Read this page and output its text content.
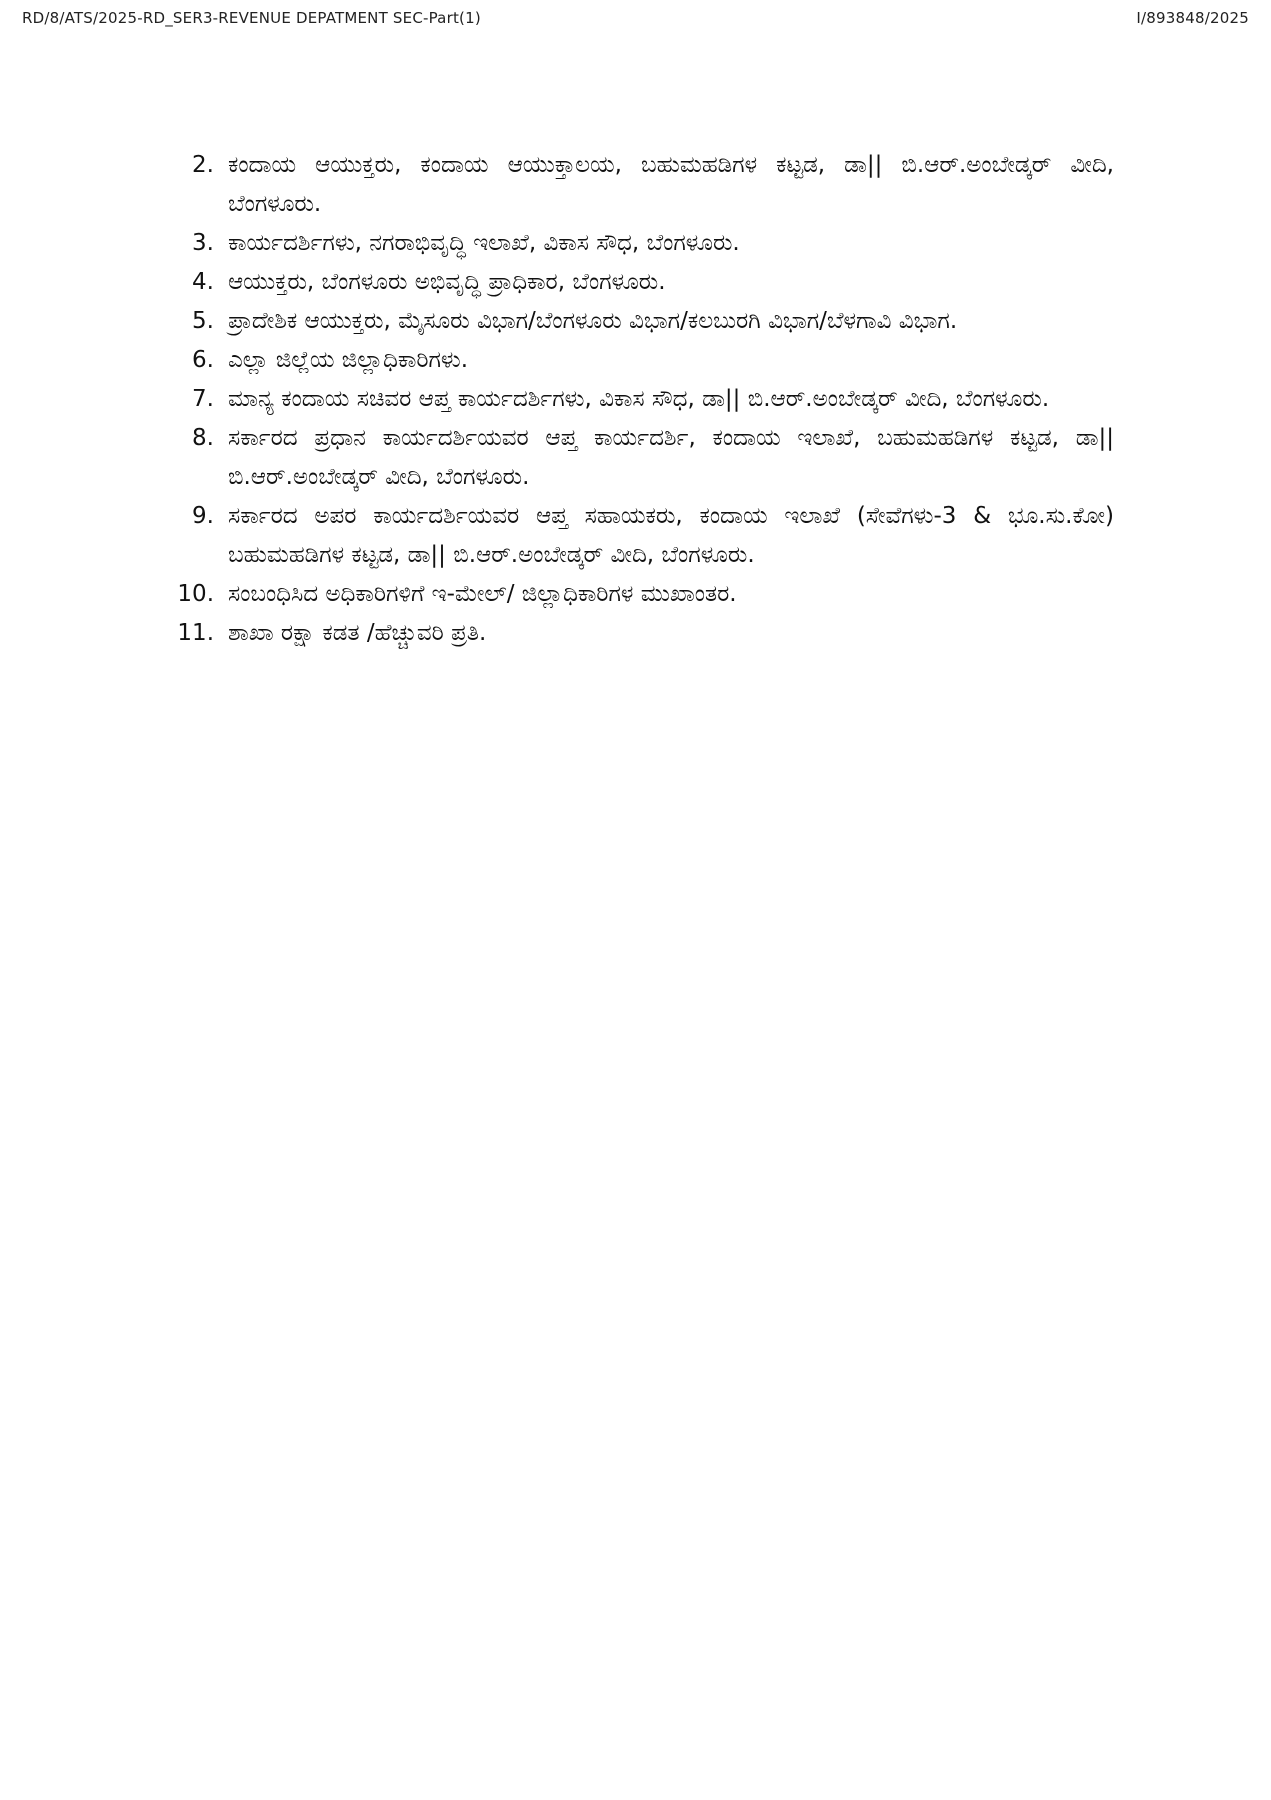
RD/8/ATS/2025-RD_SER3-REVENUE DEPATMENT SEC-Part(1)	I/893848/2025
2. ಕಂದಾಯ ಆಯುಕ್ತರು, ಕಂದಾಯ ಆಯುಕ್ತಾಲಯ, ಬಹುಮಹಡಿಗಳ ಕಟ್ಟಡ, ಡಾ|| ಬಿ.ಆರ್.ಅಂಬೇಡ್ಕರ್ ವೀದಿ, ಬೆಂಗಳೂರು.
3. ಕಾರ್ಯದರ್ಶಿಗಳು, ನಗರಾಭಿವೃದ್ಧಿ ಇಲಾಖೆ, ವಿಕಾಸ ಸೌಧ, ಬೆಂಗಳೂರು.
4. ಆಯುಕ್ತರು, ಬೆಂಗಳೂರು ಅಭಿವೃದ್ಧಿ ಪ್ರಾಧಿಕಾರ, ಬೆಂಗಳೂರು.
5. ಪ್ರಾದೇಶಿಕ ಆಯುಕ್ತರು, ಮೈಸೂರು ವಿಭಾಗ/ಬೆಂಗಳೂರು ವಿಭಾಗ/ಕಲಬುರಗಿ ವಿಭಾಗ/ಬೆಳಗಾವಿ ವಿಭಾಗ.
6. ಎಲ್ಲಾ ಜಿಲ್ಲೆಯ ಜಿಲ್ಲಾಧಿಕಾರಿಗಳು.
7. ಮಾನ್ಯ ಕಂದಾಯ ಸಚಿವರ ಆಪ್ತ ಕಾರ್ಯದರ್ಶಿಗಳು, ವಿಕಾಸ ಸೌಧ, ಡಾ|| ಬಿ.ಆರ್.ಅಂಬೇಡ್ಕರ್ ವೀದಿ, ಬೆಂಗಳೂರು.
8. ಸರ್ಕಾರದ ಪ್ರಧಾನ ಕಾರ್ಯದರ್ಶಿಯವರ ಆಪ್ತ ಕಾರ್ಯದರ್ಶಿ, ಕಂದಾಯ ಇಲಾಖೆ, ಬಹುಮಹಡಿಗಳ ಕಟ್ಟಡ, ಡಾ|| ಬಿ.ಆರ್.ಅಂಬೇಡ್ಕರ್ ವೀದಿ, ಬೆಂಗಳೂರು.
9. ಸರ್ಕಾರದ ಅಪರ ಕಾರ್ಯದರ್ಶಿಯವರ ಆಪ್ತ ಸಹಾಯಕರು, ಕಂದಾಯ ಇಲಾಖೆ (ಸೇವೆಗಳು-3 & ಭೂ.ಸು.ಕೋ) ಬಹುಮಹಡಿಗಳ ಕಟ್ಟಡ, ಡಾ|| ಬಿ.ಆರ್.ಅಂಬೇಡ್ಕರ್ ವೀದಿ, ಬೆಂಗಳೂರು.
10. ಸಂಬಂಧಿಸಿದ ಅಧಿಕಾರಿಗಳಿಗೆ ಇ-ಮೇಲ್/ ಜಿಲ್ಲಾಧಿಕಾರಿಗಳ ಮುಖಾಂತರ.
11. ಶಾಖಾ ರಕ್ಷಾ ಕಡತ /ಹೆಚ್ಚುವರಿ ಪ್ರತಿ.
